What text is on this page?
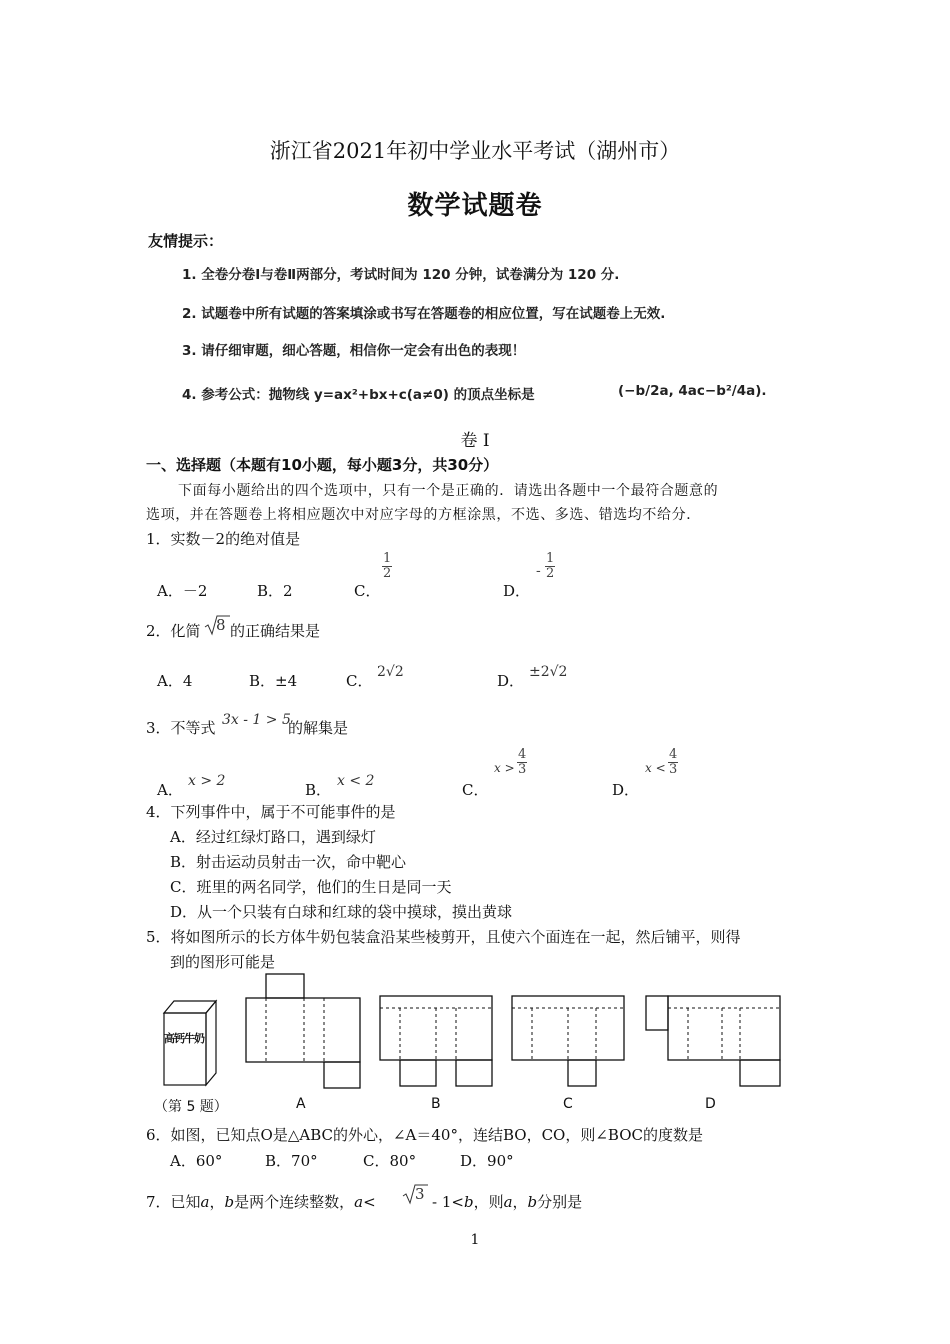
浙江省2021年初中学业水平考试（湖州市）
数学试题卷
友情提示：
1. 全卷分卷Ⅰ与卷Ⅱ两部分，考试时间为 120 分钟，试卷满分为 120 分.
2. 试题卷中所有试题的答案填涂或书写在答题卷的相应位置，写在试题卷上无效.
3. 请仔细审题，细心答题，相信你一定会有出色的表现！
4. 参考公式：抛物线 y=ax²+bx+c(a≠0) 的顶点坐标是	(−b/2a, 4ac−b²/4a).
卷 Ⅰ
一、选择题（本题有10小题，每小题3分，共30分）
下面每小题给出的四个选项中，只有一个是正确的．请选出各题中一个最符合题意的
选项，并在答题卷上将相应题次中对应字母的方框涂黑，不选、多选、错选均不给分．
1．实数－2的绝对值是
A．－2	B．2	C．
$\frac{1}{2}$
D．
- $\frac{1}{2}$
2．化简 8 的正确结果是
A．4	B．±4	C． 2√2	D． ±2√2
3．不等式 3x - 1 > 5
的解集是
A． x > 2	B． x < 2	C．
$x > \frac{4}{3}$
D．
$x < \frac{4}{3}$
4．下列事件中，属于不可能事件的是
A．经过红绿灯路口，遇到绿灯
B．射击运动员射击一次，命中靶心
C．班里的两名同学，他们的生日是同一天
D．从一个只装有白球和红球的袋中摸球，摸出黄球
5．将如图所示的长方体牛奶包装盒沿某些棱剪开，且使六个面连在一起，然后铺平，则得
到的图形可能是
高钙牛奶
（第 5 题）	A	B	C	D
6．如图，已知点O是△ABC的外心，∠A＝40°，连结BO，CO，则∠BOC的度数是
A．60°	B．70°	C．80°	D．90°
7．已知a，b是两个连续整数，a<	3 - 1<b，则a，b分别是
1
